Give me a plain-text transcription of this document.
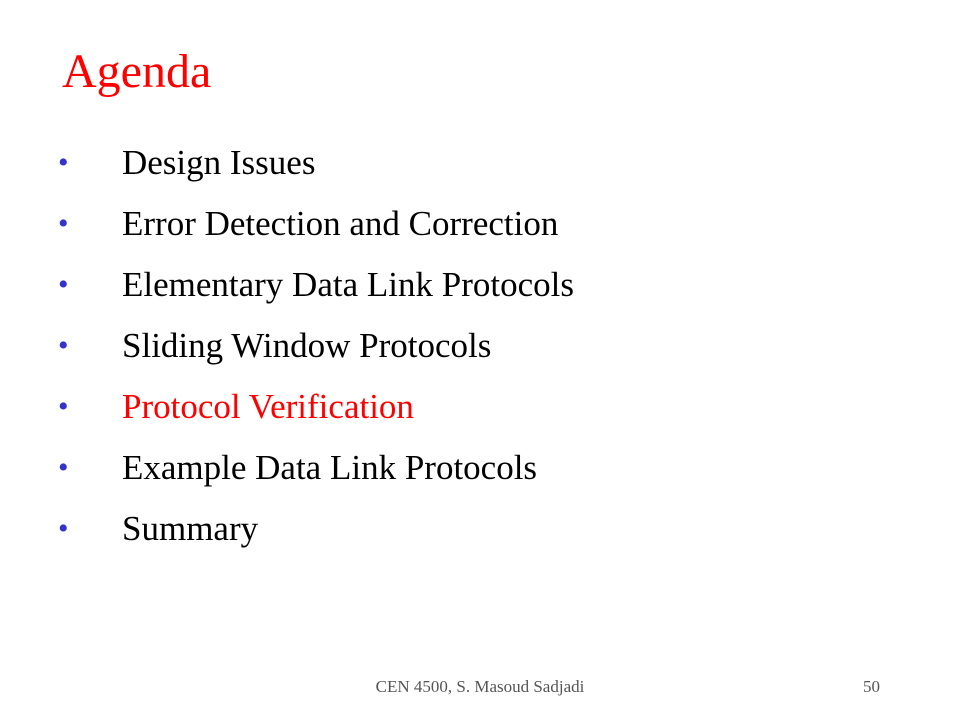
Agenda
• Design Issues
• Error Detection and Correction
• Elementary Data Link Protocols
• Sliding Window Protocols
• Protocol Verification
• Example Data Link Protocols
• Summary
CEN 4500, S. Masoud Sadjadi	50
